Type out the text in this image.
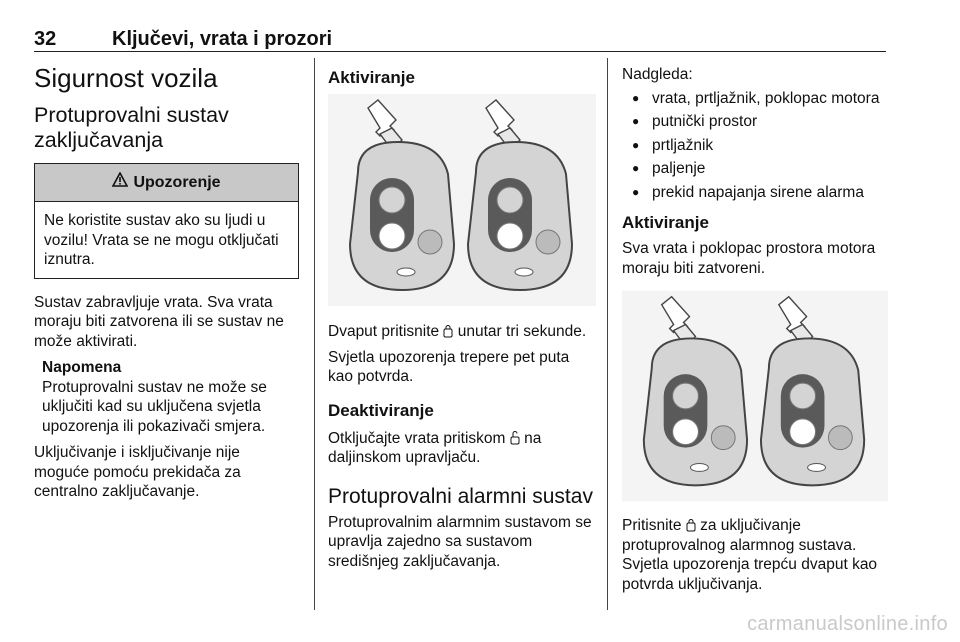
32	Ključevi, vrata i prozori
Sigurnost vozila
Protuprovalni sustav zaključavanja
Upozorenje
Ne koristite sustav ako su ljudi u vozilu! Vrata se ne mogu otključati iznutra.

Sustav zabravljuje vrata. Sva vrata moraju biti zatvorena ili se sustav ne može aktivirati.

Napomena
Protuprovalni sustav ne može se uključiti kad su uključena svjetla upozorenja ili pokazivači smjera.

Uključivanje i isključivanje nije moguće pomoću prekidača za centralno zaključavanje.

Aktiviranje

Dvaput pritisnite unutar tri sekunde.

Svjetla upozorenja trepere pet puta kao potvrda.

Deaktiviranje

Otključajte vrata pritiskom na daljinskom upravljaču.

Protuprovalni alarmni sustav

Protuprovalnim alarmnim sustavom se upravlja zajedno sa sustavom središnjeg zaključavanja.

Nadgleda:
● vrata, prtljažnik, poklopac motora
● putnički prostor
● prtljažnik
● paljenje
● prekid napajanja sirene alarma
Aktiviranje

Sva vrata i poklopac prostora motora moraju biti zatvoreni.

Pritisnite za uključivanje protuprovalnog alarmnog sustava. Svjetla upozorenja trepću dvaput kao potvrda uključivanja.

carmanualsonline.info
